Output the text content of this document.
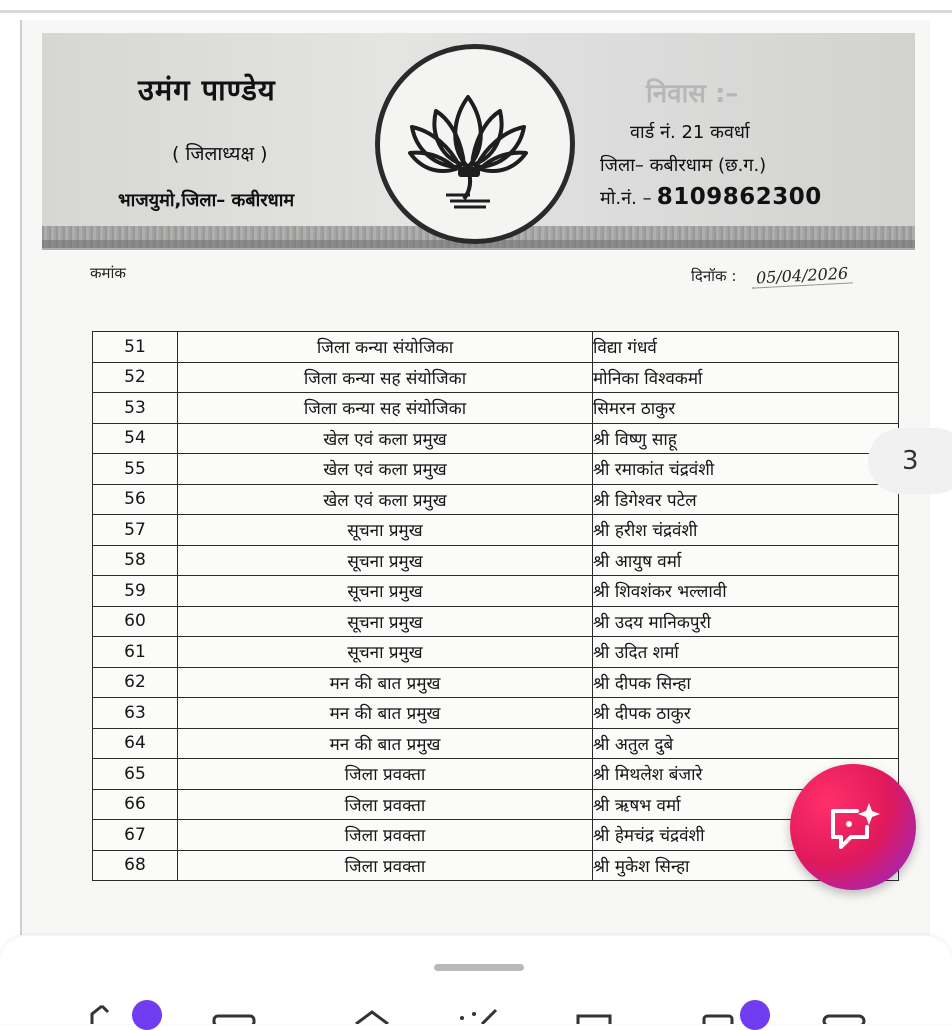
उमंग पाण्डेय
( जिलाध्यक्ष )
भाजयुमो,जिला– कबीरधाम
निवास :–
वार्ड नं. 21 कवर्धा
जिला– कबीरधाम (छ.ग.)
मो.नं. – 8109862300
कमांक	दिनॉक : 05/04/2026
51	जिला कन्या संयोजिका	विद्या गंधर्व
52	जिला कन्या सह संयोजिका	मोनिका विश्वकर्मा
53	जिला कन्या सह संयोजिका	सिमरन ठाकुर
54	खेल एवं कला प्रमुख	श्री विष्णु साहू
55	खेल एवं कला प्रमुख	श्री रमाकांत चंद्रवंशी
56	खेल एवं कला प्रमुख	श्री डिगेश्वर पटेल
57	सूचना प्रमुख	श्री हरीश चंद्रवंशी
58	सूचना प्रमुख	श्री आयुष वर्मा
59	सूचना प्रमुख	श्री शिवशंकर भल्लावी
60	सूचना प्रमुख	श्री उदय मानिकपुरी
61	सूचना प्रमुख	श्री उदित शर्मा
62	मन की बात प्रमुख	श्री दीपक सिन्हा
63	मन की बात प्रमुख	श्री दीपक ठाकुर
64	मन की बात प्रमुख	श्री अतुल दुबे
65	जिला प्रवक्ता	श्री मिथलेश बंजारे
66	जिला प्रवक्ता	श्री ऋषभ वर्मा
67	जिला प्रवक्ता	श्री हेमचंद्र चंद्रवंशी
68	जिला प्रवक्ता	श्री मुकेश सिन्हा
3
